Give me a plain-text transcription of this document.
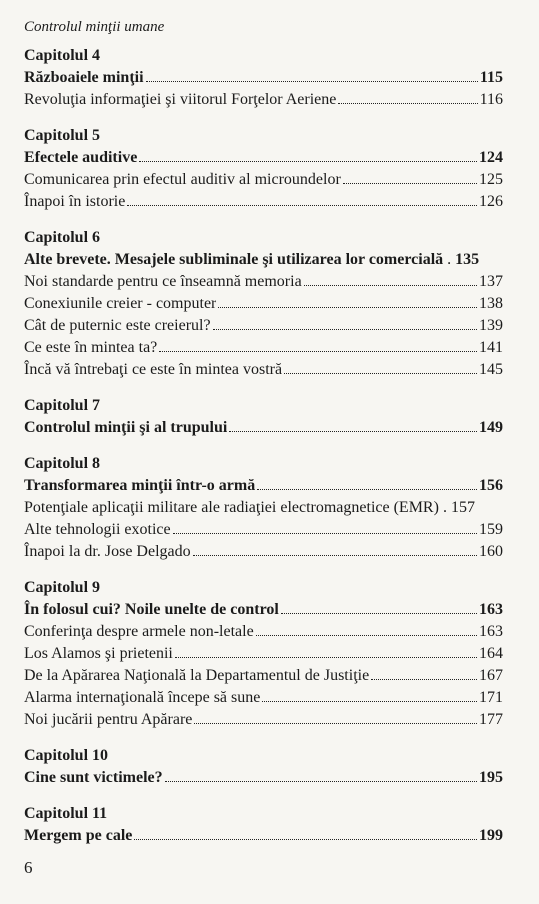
Controlul minţii umane
Capitolul 4
Războaiele minţii	115
Revoluţia informaţiei şi viitorul Forţelor Aeriene	116
Capitolul 5
Efectele auditive	124
Comunicarea prin efectul auditiv al microundelor	125
Înapoi în istorie	126
Capitolul 6
Alte brevete. Mesajele subliminale şi utilizarea lor comercială . 135
Noi standarde pentru ce înseamnă memoria	137
Conexiunile creier - computer	138
Cât de puternic este creierul?	139
Ce este în mintea ta?	141
Încă vă întrebaţi ce este în mintea vostră	145
Capitolul 7
Controlul minţii şi al trupului	149
Capitolul 8
Transformarea minţii într-o armă	156
Potenţiale aplicaţii militare ale radiaţiei electromagnetice (EMR) . 157
Alte tehnologii exotice	159
Înapoi la dr. Jose Delgado	160
Capitolul 9
În folosul cui? Noile unelte de control	163
Conferinţa despre armele non-letale	163
Los Alamos şi prietenii	164
De la Apărarea Naţională la Departamentul de Justiţie	167
Alarma internaţională începe să sune	171
Noi jucării pentru Apărare	177
Capitolul 10
Cine sunt victimele?	195
Capitolul 11
Mergem pe cale	199
6
